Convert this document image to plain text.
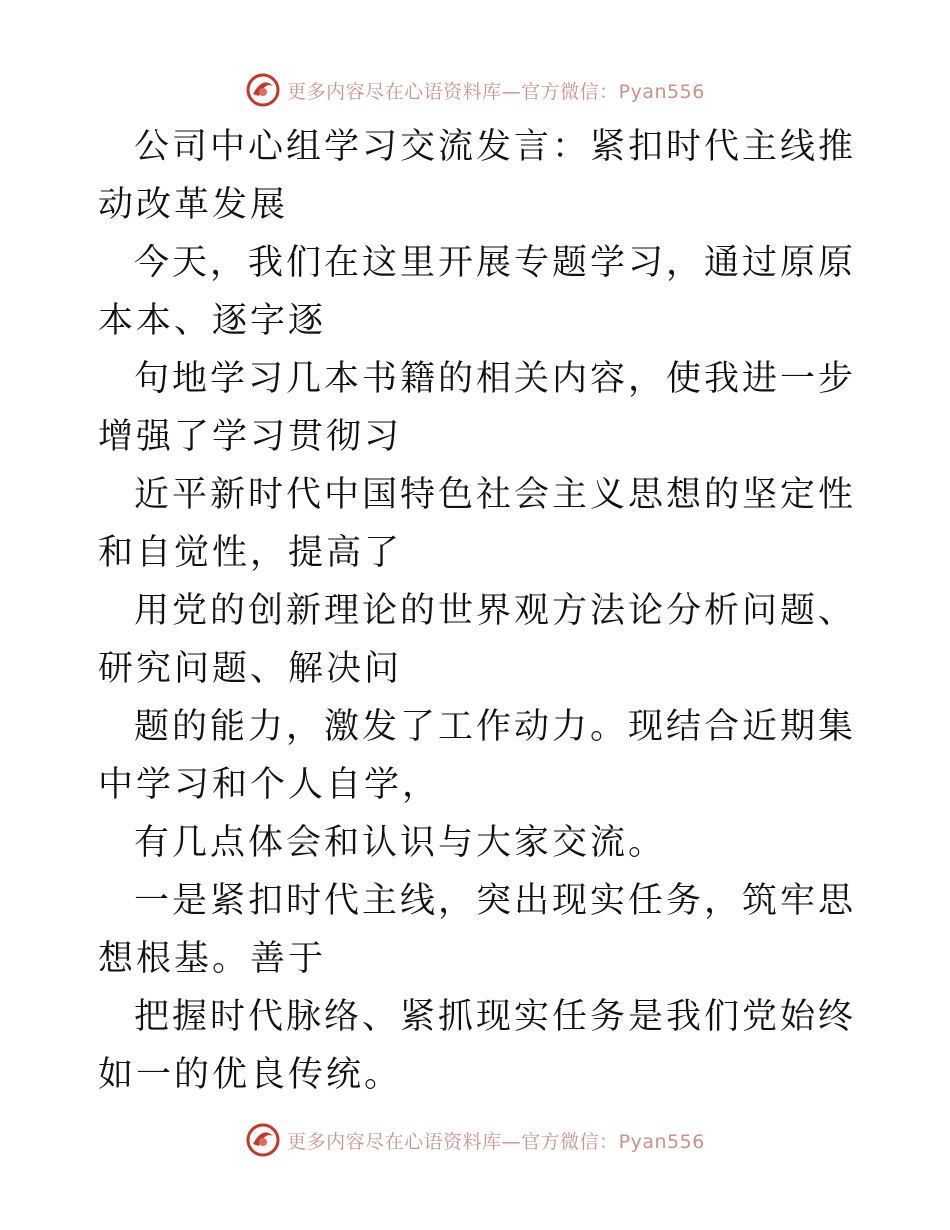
更多内容尽在心语资料库—官方微信：Pyan556

公司中心组学习交流发言：紧扣时代主线推动改革发展

今天，我们在这里开展专题学习，通过原原本本、逐字逐

句地学习几本书籍的相关内容，使我进一步增强了学习贯彻习

近平新时代中国特色社会主义思想的坚定性和自觉性，提高了

用党的创新理论的世界观方法论分析问题、研究问题、解决问

题的能力，激发了工作动力。现结合近期集中学习和个人自学，

有几点体会和认识与大家交流。

一是紧扣时代主线，突出现实任务，筑牢思想根基。善于

把握时代脉络、紧抓现实任务是我们党始终如一的优良传统。

更多内容尽在心语资料库—官方微信：Pyan556
